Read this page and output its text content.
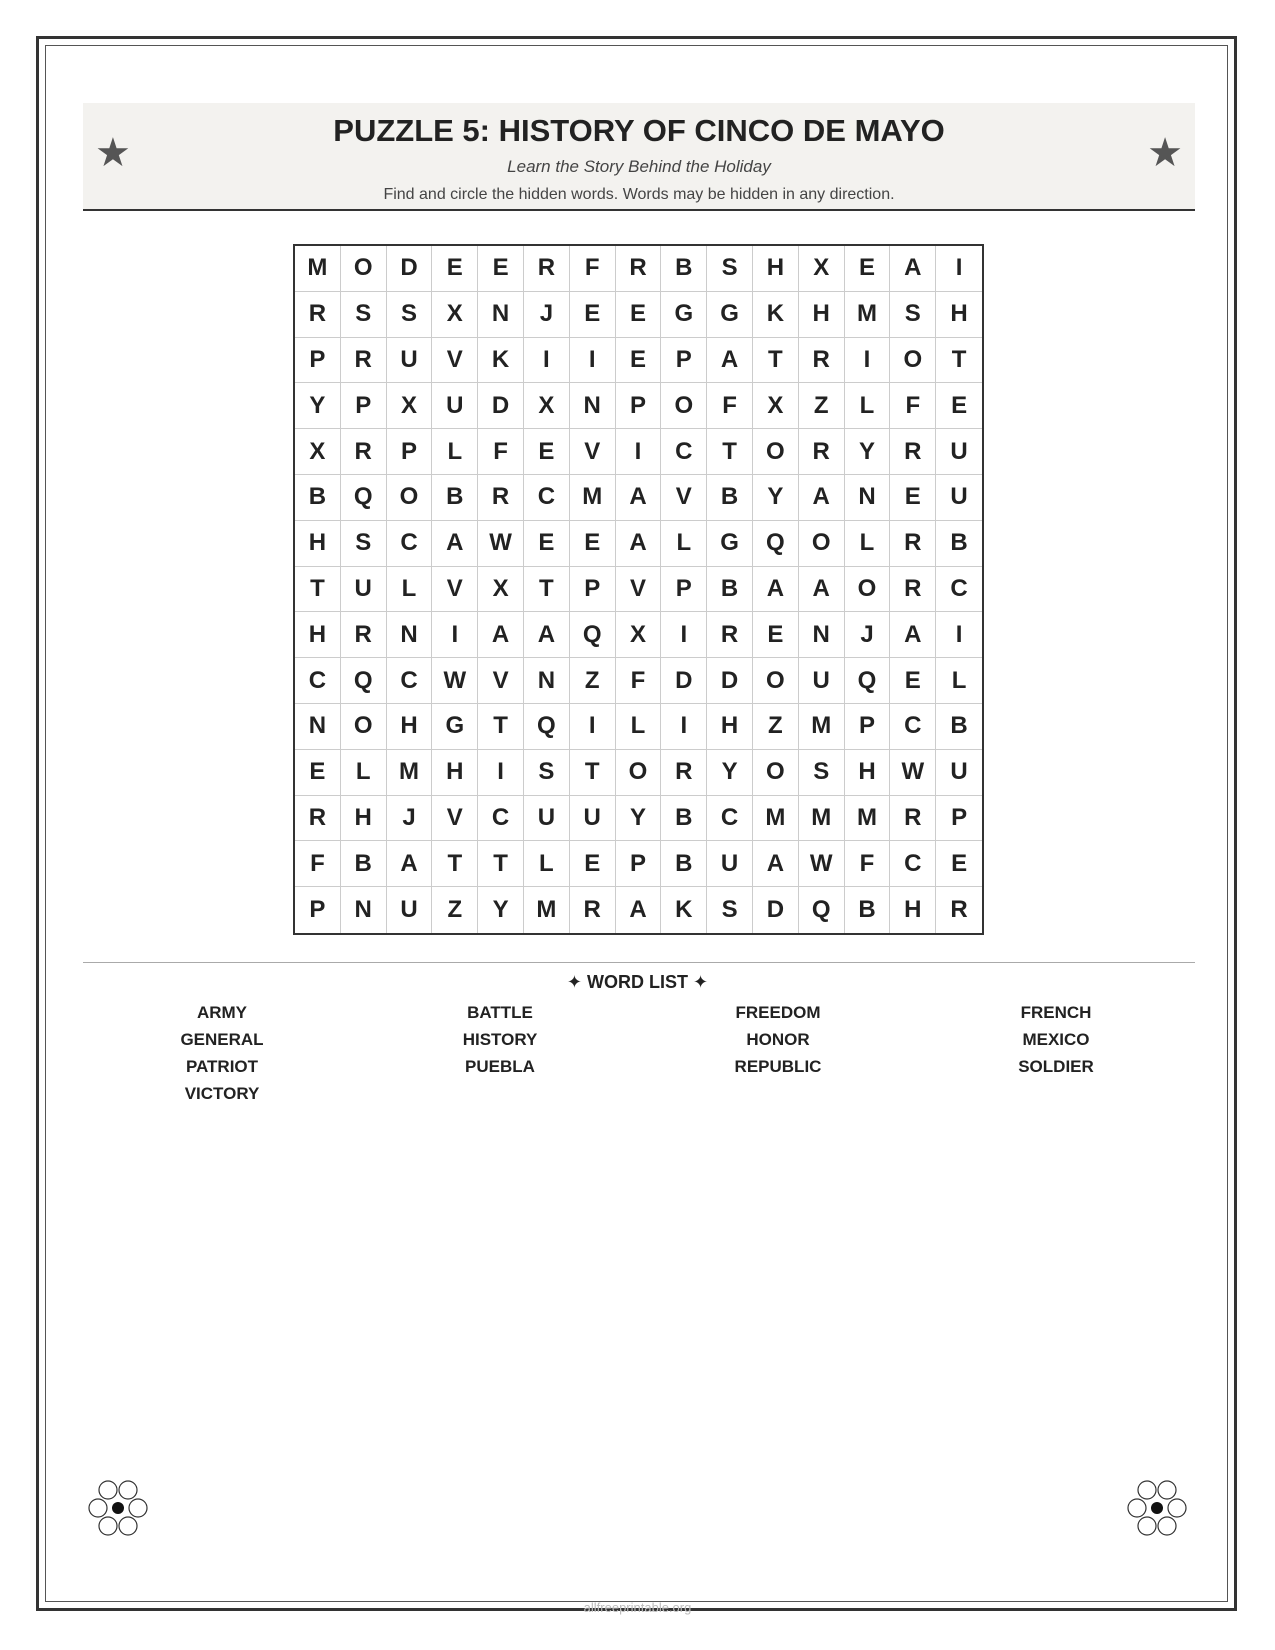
★
PUZZLE 5: HISTORY OF CINCO DE MAYO
Learn the Story Behind the Holiday
Find and circle the hidden words. Words may be hidden in any direction.
★
M	O	D	E	E	R	F	R	B	S	H	X	E	A	I
R	S	S	X	N	J	E	E	G	G	K	H	M	S	H
P	R	U	V	K	I	I	E	P	A	T	R	I	O	T
Y	P	X	U	D	X	N	P	O	F	X	Z	L	F	E
X	R	P	L	F	E	V	I	C	T	O	R	Y	R	U
B	Q	O	B	R	C	M	A	V	B	Y	A	N	E	U
H	S	C	A	W	E	E	A	L	G	Q	O	L	R	B
T	U	L	V	X	T	P	V	P	B	A	A	O	R	C
H	R	N	I	A	A	Q	X	I	R	E	N	J	A	I
C	Q	C	W	V	N	Z	F	D	D	O	U	Q	E	L
N	O	H	G	T	Q	I	L	I	H	Z	M	P	C	B
E	L	M	H	I	S	T	O	R	Y	O	S	H	W	U
R	H	J	V	C	U	U	Y	B	C	M	M	M	R	P
F	B	A	T	T	L	E	P	B	U	A	W	F	C	E
P	N	U	Z	Y	M	R	A	K	S	D	Q	B	H	R
✦ WORD LIST ✦
ARMY	BATTLE	FREEDOM	FRENCH
GENERAL	HISTORY	HONOR	MEXICO
PATRIOT	PUEBLA	REPUBLIC	SOLDIER
VICTORY
allfreeprintable.org
